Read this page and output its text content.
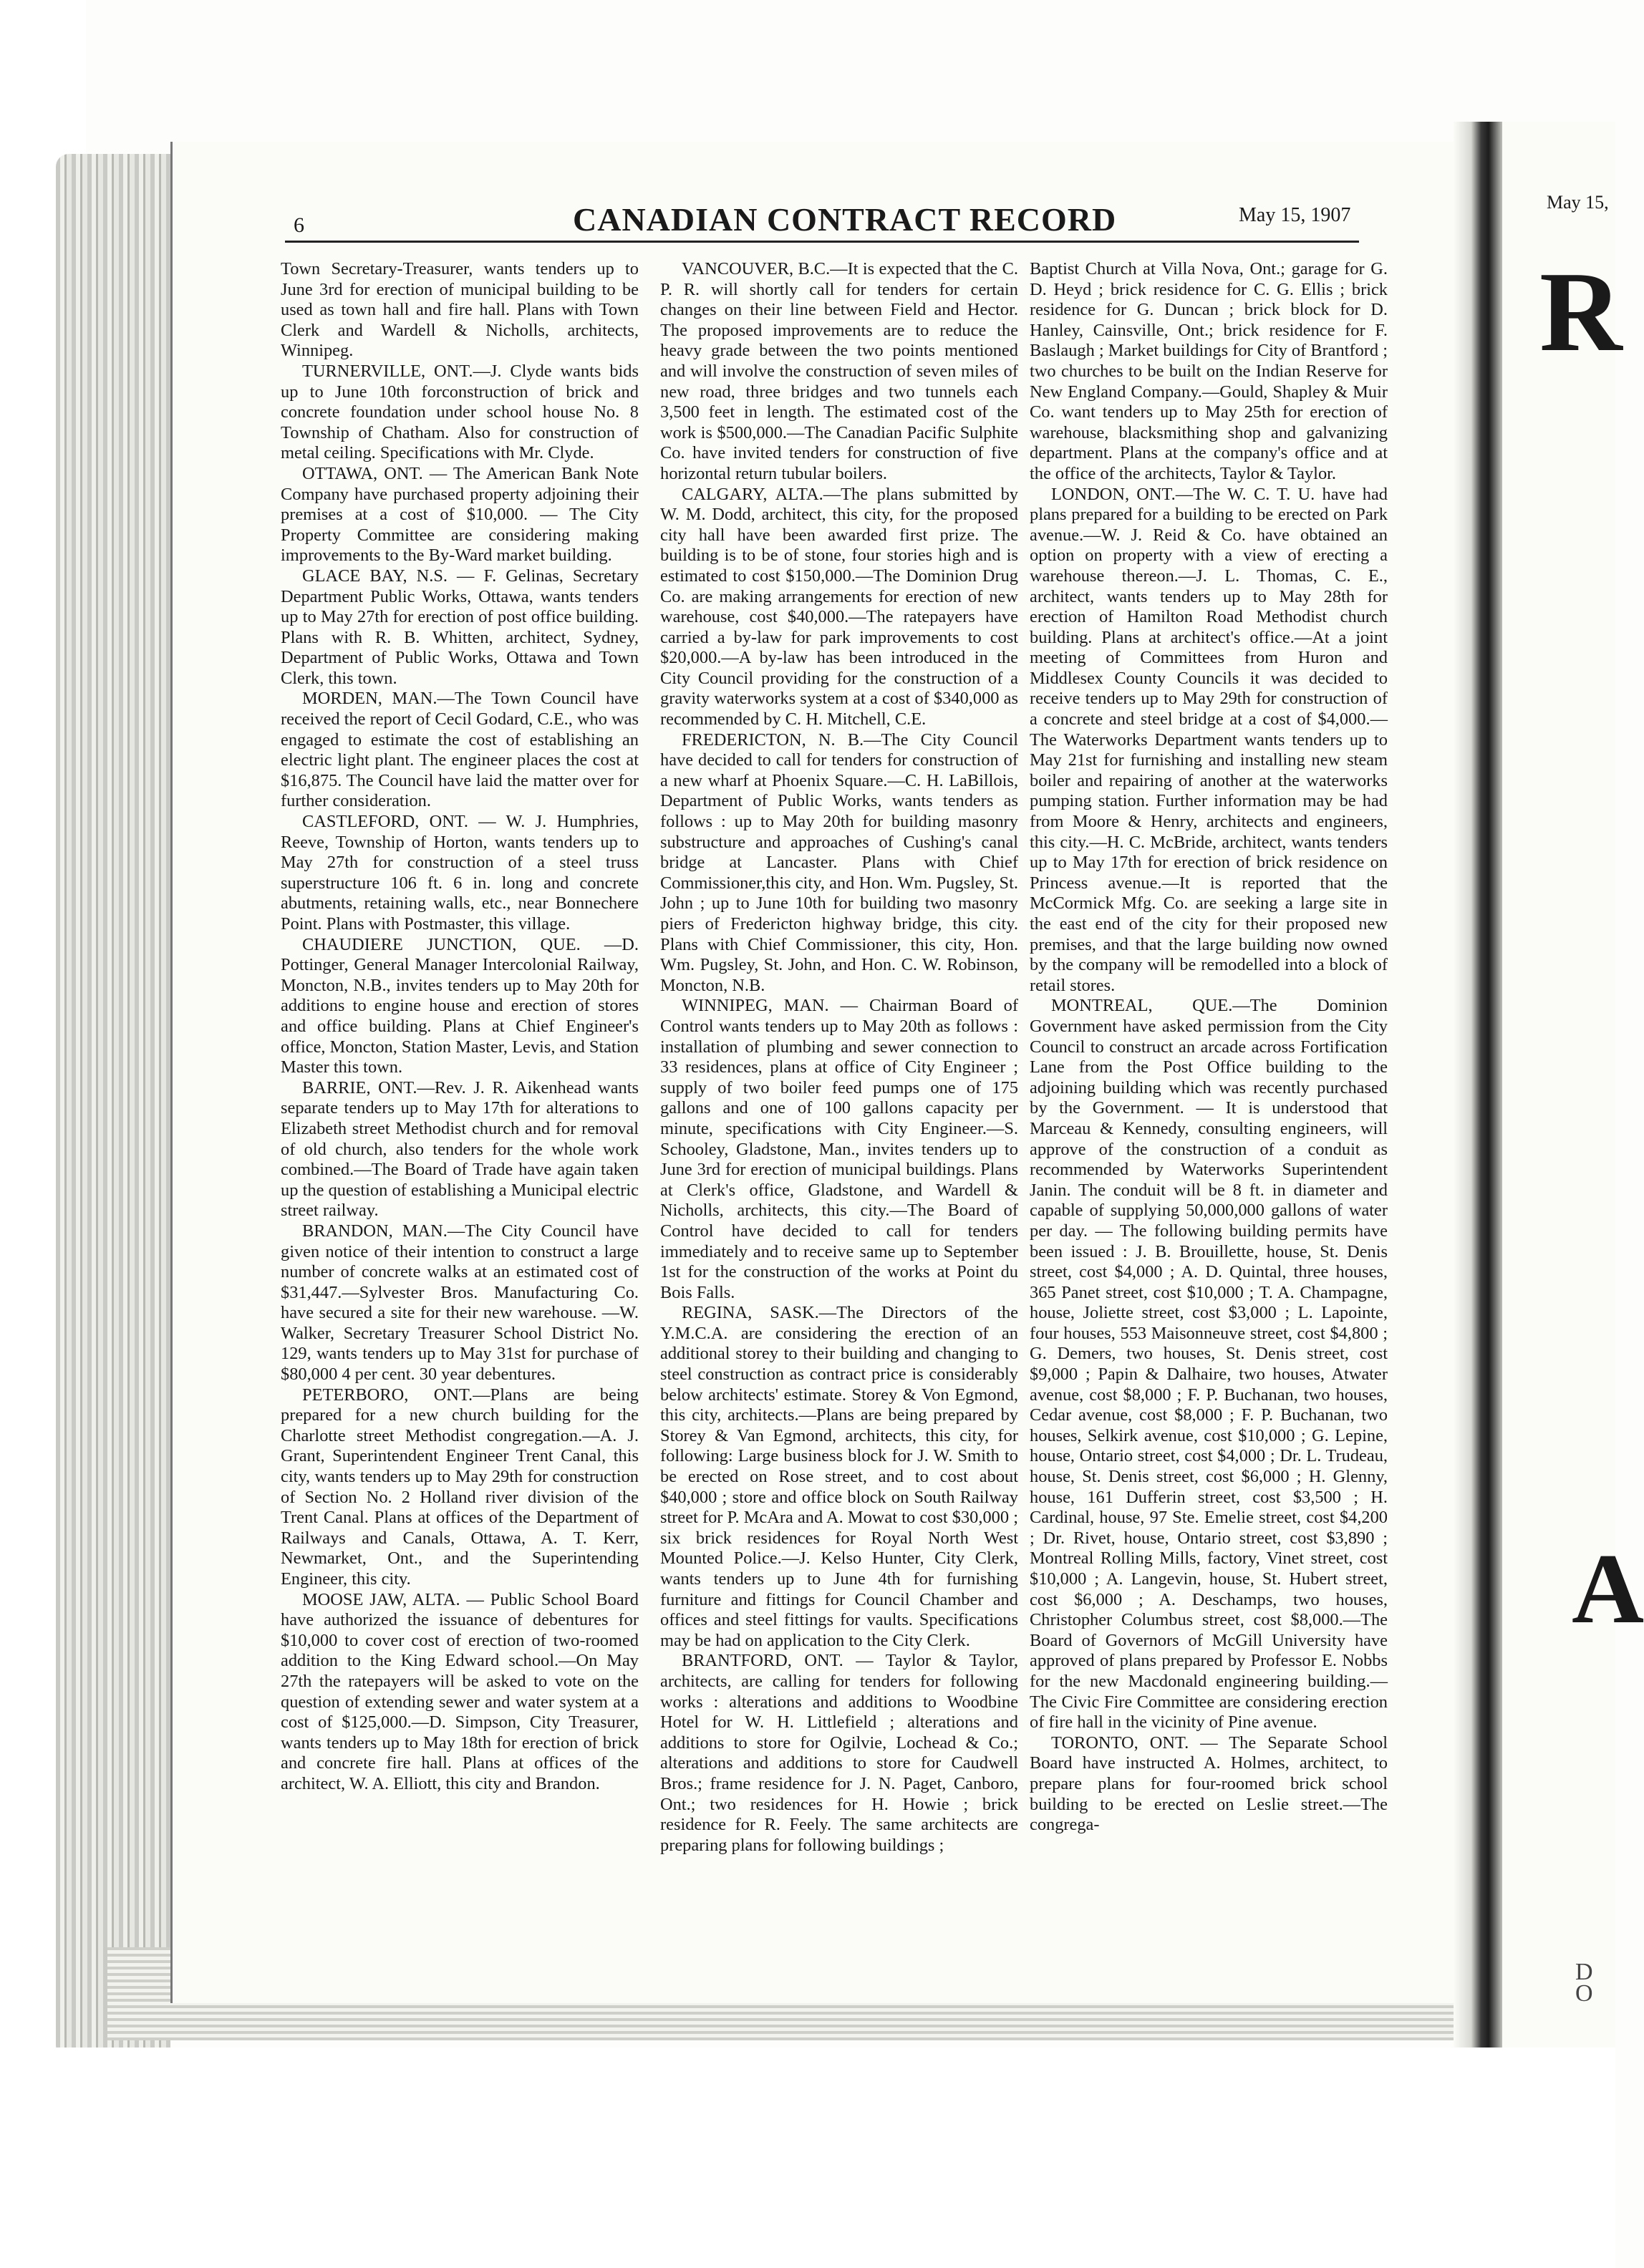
6	CANADIAN CONTRACT RECORD	May 15, 1907

Town Secretary-Treasurer, wants tenders up to June 3rd for erection of municipal building to be used as town hall and fire hall. Plans with Town Clerk and Wardell & Nicholls, architects, Winnipeg.

TURNERVILLE, ONT.—J. Clyde wants bids up to June 10th forconstruction of brick and concrete foundation under school house No. 8 Township of Chatham. Also for construction of metal ceiling. Specifications with Mr. Clyde.

OTTAWA, ONT. — The American Bank Note Company have purchased property adjoining their premises at a cost of $10,000. — The City Property Committee are considering making improvements to the By-Ward market building.

GLACE BAY, N.S. — F. Gelinas, Secretary Department Public Works, Ottawa, wants tenders up to May 27th for erection of post office building. Plans with R. B. Whitten, architect, Sydney, Department of Public Works, Ottawa and Town Clerk, this town.

MORDEN, MAN.—The Town Council have received the report of Cecil Godard, C.E., who was engaged to estimate the cost of establishing an electric light plant. The engineer places the cost at $16,875. The Council have laid the matter over for further consideration.

CASTLEFORD, ONT. — W. J. Humphries, Reeve, Township of Horton, wants tenders up to May 27th for construction of a steel truss superstructure 106 ft. 6 in. long and concrete abutments, retaining walls, etc., near Bonnechere Point. Plans with Postmaster, this village.

CHAUDIERE JUNCTION, QUE. —D. Pottinger, General Manager Intercolonial Railway, Moncton, N.B., invites tenders up to May 20th for additions to engine house and erection of stores and office building. Plans at Chief Engineer's office, Moncton, Station Master, Levis, and Station Master this town.

BARRIE, ONT.—Rev. J. R. Aikenhead wants separate tenders up to May 17th for alterations to Elizabeth street Methodist church and for removal of old church, also tenders for the whole work combined.—The Board of Trade have again taken up the question of establishing a Municipal electric street railway.

BRANDON, MAN.—The City Council have given notice of their intention to construct a large number of concrete walks at an estimated cost of $31,447.—Sylvester Bros. Manufacturing Co. have secured a site for their new warehouse. —W. Walker, Secretary Treasurer School District No. 129, wants tenders up to May 31st for purchase of $80,000 4 per cent. 30 year debentures.

PETERBORO, ONT.—Plans are being prepared for a new church building for the Charlotte street Methodist congregation.—A. J. Grant, Superintendent Engineer Trent Canal, this city, wants tenders up to May 29th for construction of Section No. 2 Holland river division of the Trent Canal. Plans at offices of the Department of Railways and Canals, Ottawa, A. T. Kerr, Newmarket, Ont., and the Superintending Engineer, this city.

MOOSE JAW, ALTA. — Public School Board have authorized the issuance of debentures for $10,000 to cover cost of erection of two-roomed addition to the King Edward school.—On May 27th the ratepayers will be asked to vote on the question of extending sewer and water system at a cost of $125,000.—D. Simpson, City Treasurer, wants tenders up to May 18th for erection of brick and concrete fire hall. Plans at offices of the architect, W. A. Elliott, this city and Brandon.

VANCOUVER, B.C.—It is expected that the C. P. R. will shortly call for tenders for certain changes on their line between Field and Hector. The proposed improvements are to reduce the heavy grade between the two points mentioned and will involve the construction of seven miles of new road, three bridges and two tunnels each 3,500 feet in length. The estimated cost of the work is $500,000.—The Canadian Pacific Sulphite Co. have invited tenders for construction of five horizontal return tubular boilers.

CALGARY, ALTA.—The plans submitted by W. M. Dodd, architect, this city, for the proposed city hall have been awarded first prize. The building is to be of stone, four stories high and is estimated to cost $150,000.—The Dominion Drug Co. are making arrangements for erection of new warehouse, cost $40,000.—The ratepayers have carried a by-law for park improvements to cost $20,000.—A by-law has been introduced in the City Council providing for the construction of a gravity waterworks system at a cost of $340,000 as recommended by C. H. Mitchell, C.E.

FREDERICTON, N. B.—The City Council have decided to call for tenders for construction of a new wharf at Phoenix Square.—C. H. LaBillois, Department of Public Works, wants tenders as follows : up to May 20th for building masonry substructure and approaches of Cushing's canal bridge at Lancaster. Plans with Chief Commissioner,this city, and Hon. Wm. Pugsley, St. John ; up to June 10th for building two masonry piers of Fredericton highway bridge, this city. Plans with Chief Commissioner, this city, Hon. Wm. Pugsley, St. John, and Hon. C. W. Robinson, Moncton, N.B.

WINNIPEG, MAN. — Chairman Board of Control wants tenders up to May 20th as follows : installation of plumbing and sewer connection to 33 residences, plans at office of City Engineer ; supply of two boiler feed pumps one of 175 gallons and one of 100 gallons capacity per minute, specifications with City Engineer.—S. Schooley, Gladstone, Man., invites tenders up to June 3rd for erection of municipal buildings. Plans at Clerk's office, Gladstone, and Wardell & Nicholls, architects, this city.—The Board of Control have decided to call for tenders immediately and to receive same up to September 1st for the construction of the works at Point du Bois Falls.

REGINA, SASK.—The Directors of the Y.M.C.A. are considering the erection of an additional storey to their building and changing to steel construction as contract price is considerably below architects' estimate. Storey & Von Egmond, this city, architects.—Plans are being prepared by Storey & Van Egmond, architects, this city, for following: Large business block for J. W. Smith to be erected on Rose street, and to cost about $40,000 ; store and office block on South Railway street for P. McAra and A. Mowat to cost $30,000 ; six brick residences for Royal North West Mounted Police.—J. Kelso Hunter, City Clerk, wants tenders up to June 4th for furnishing furniture and fittings for Council Chamber and offices and steel fittings for vaults. Specifications may be had on application to the City Clerk.

BRANTFORD, ONT. — Taylor & Taylor, architects, are calling for tenders for following works : alterations and additions to Woodbine Hotel for W. H. Littlefield ; alterations and additions to store for Ogilvie, Lochead & Co.; alterations and additions to store for Caudwell Bros.; frame residence for J. N. Paget, Canboro, Ont.; two residences for H. Howie ; brick residence for R. Feely. The same architects are preparing plans for following buildings ;

Baptist Church at Villa Nova, Ont.; garage for G. D. Heyd ; brick residence for C. G. Ellis ; brick residence for G. Duncan ; brick block for D. Hanley, Cainsville, Ont.; brick residence for F. Baslaugh ; Market buildings for City of Brantford ; two churches to be built on the Indian Reserve for New England Company.—Gould, Shapley & Muir Co. want tenders up to May 25th for erection of warehouse, blacksmithing shop and galvanizing department. Plans at the company's office and at the office of the architects, Taylor & Taylor.

LONDON, ONT.—The W. C. T. U. have had plans prepared for a building to be erected on Park avenue.—W. J. Reid & Co. have obtained an option on property with a view of erecting a warehouse thereon.—J. L. Thomas, C. E., architect, wants tenders up to May 28th for erection of Hamilton Road Methodist church building. Plans at architect's office.—At a joint meeting of Committees from Huron and Middlesex County Councils it was decided to receive tenders up to May 29th for construction of a concrete and steel bridge at a cost of $4,000.—The Waterworks Department wants tenders up to May 21st for furnishing and installing new steam boiler and repairing of another at the waterworks pumping station. Further information may be had from Moore & Henry, architects and engineers, this city.—H. C. McBride, architect, wants tenders up to May 17th for erection of brick residence on Princess avenue.—It is reported that the McCormick Mfg. Co. are seeking a large site in the east end of the city for their proposed new premises, and that the large building now owned by the company will be remodelled into a block of retail stores.

MONTREAL, QUE.—The Dominion Government have asked permission from the City Council to construct an arcade across Fortification Lane from the Post Office building to the adjoining building which was recently purchased by the Government. — It is understood that Marceau & Kennedy, consulting engineers, will approve of the construction of a conduit as recommended by Waterworks Superintendent Janin. The conduit will be 8 ft. in diameter and capable of supplying 50,000,000 gallons of water per day. — The following building permits have been issued : J. B. Brouillette, house, St. Denis street, cost $4,000 ; A. D. Quintal, three houses, 365 Panet street, cost $10,000 ; T. A. Champagne, house, Joliette street, cost $3,000 ; L. Lapointe, four houses, 553 Maisonneuve street, cost $4,800 ; G. Demers, two houses, St. Denis street, cost $9,000 ; Papin & Dalhaire, two houses, Atwater avenue, cost $8,000 ; F. P. Buchanan, two houses, Cedar avenue, cost $8,000 ; F. P. Buchanan, two houses, Selkirk avenue, cost $10,000 ; G. Lepine, house, Ontario street, cost $4,000 ; Dr. L. Trudeau, house, St. Denis street, cost $6,000 ; H. Glenny, house, 161 Dufferin street, cost $3,500 ; H. Cardinal, house, 97 Ste. Emelie street, cost $4,200 ; Dr. Rivet, house, Ontario street, cost $3,890 ; Montreal Rolling Mills, factory, Vinet street, cost $10,000 ; A. Langevin, house, St. Hubert street, cost $6,000 ; A. Deschamps, two houses, Christopher Columbus street, cost $8,000.—The Board of Governors of McGill University have approved of plans prepared by Professor E. Nobbs for the new Macdonald engineering building.—The Civic Fire Committee are considering erection of fire hall in the vicinity of Pine avenue.

TORONTO, ONT. — The Separate School Board have instructed A. Holmes, architect, to prepare plans for four-roomed brick school building to be erected on Leslie street.—The congrega-

May 15,
R
A
D
O
